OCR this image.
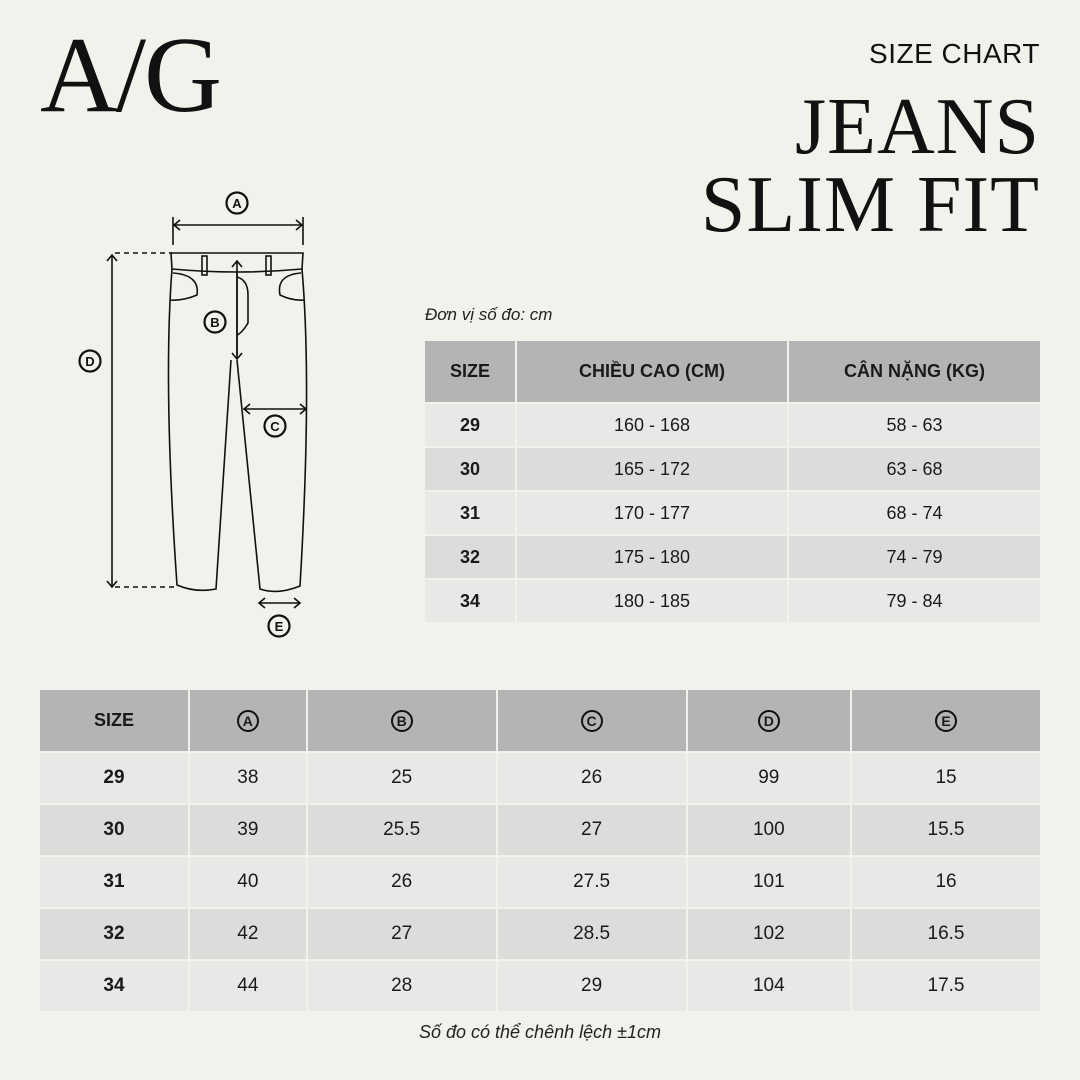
A/G	SIZE CHART
JEANS
SLIM FIT
A
B
C
D
E
Đơn vị số đo: cm
SIZE	CHIỀU CAO (CM)	CÂN NẶNG (KG)
29	160 - 168	58 - 63
30	165 - 172	63 - 68
31	170 - 177	68 - 74
32	175 - 180	74 - 79
34	180 - 185	79 - 84
SIZE	A	B	C	D	E
29	38	25	26	99	15
30	39	25.5	27	100	15.5
31	40	26	27.5	101	16
32	42	27	28.5	102	16.5
34	44	28	29	104	17.5
Số đo có thể chênh lệch ±1cm
